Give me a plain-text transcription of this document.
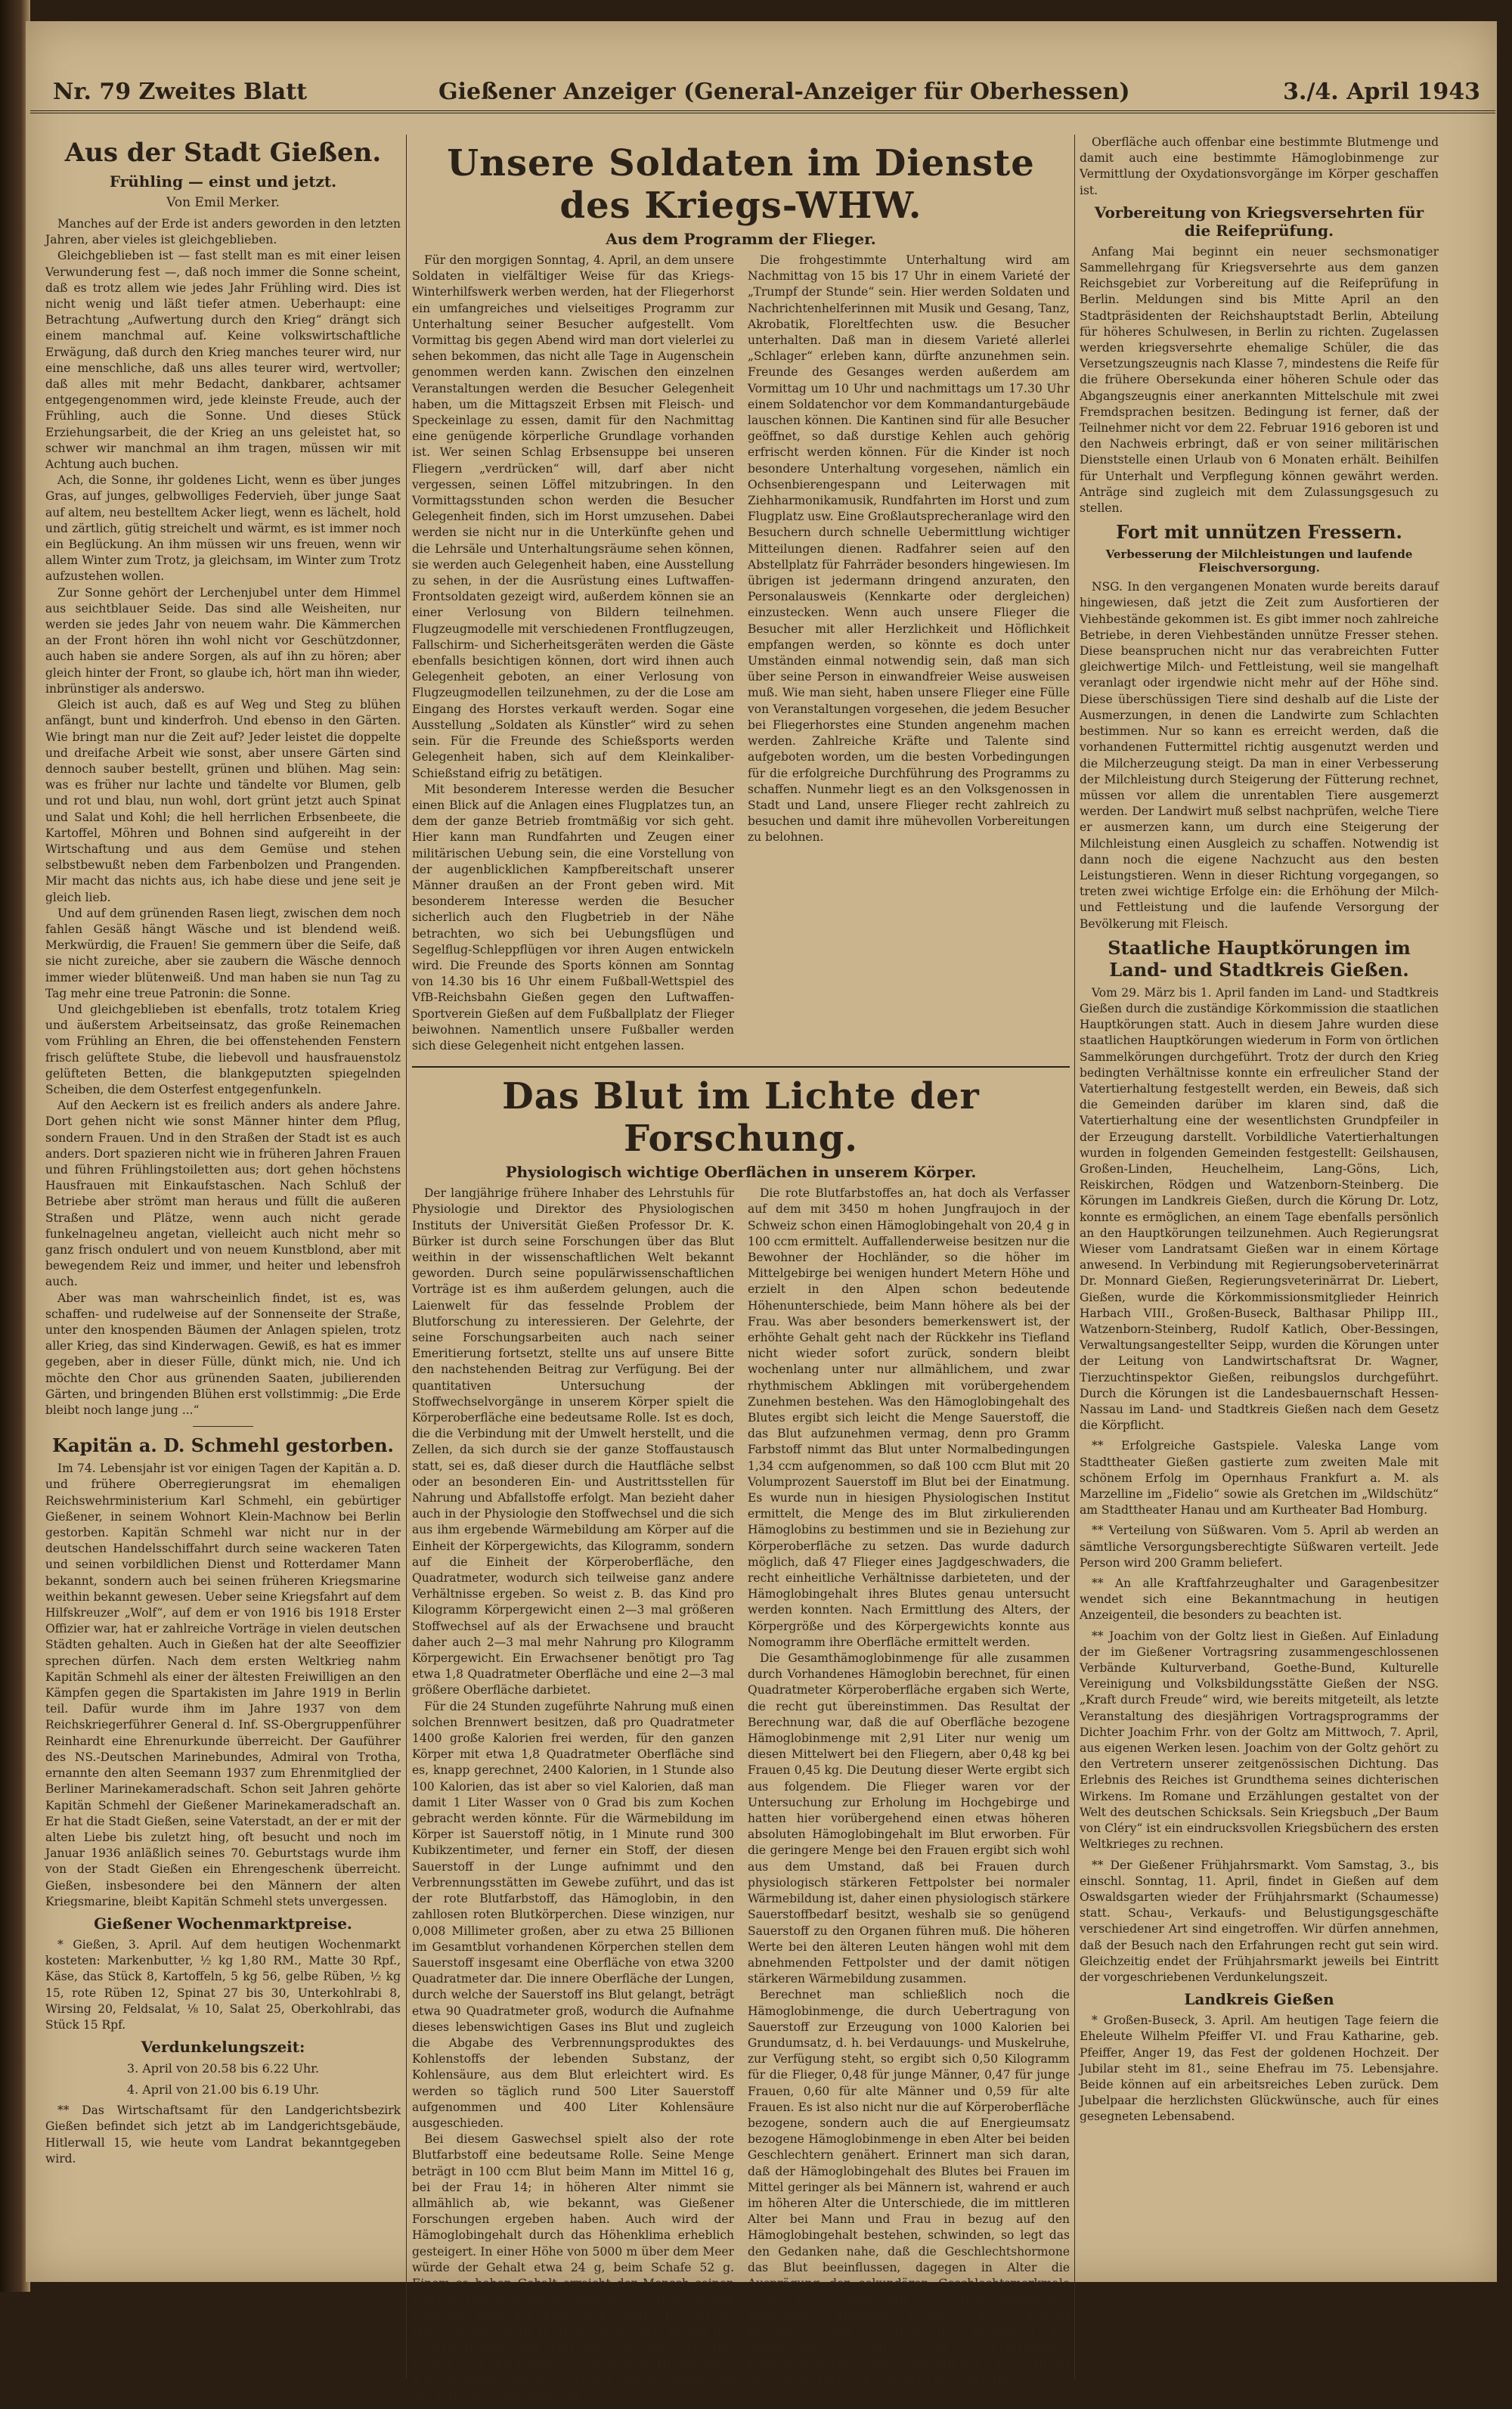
Nr. 79 Zweites Blatt	Gießener Anzeiger (General-Anzeiger für Oberhessen)	3./4. April 1943
Aus der Stadt Gießen.
Frühling — einst und jetzt.
Von Emil Merker.

Manches auf der Erde ist anders geworden in den letzten Jahren, aber vieles ist gleichgeblieben.

Gleichgeblieben ist — fast stellt man es mit einer leisen Verwunderung fest —, daß noch immer die Sonne scheint, daß es trotz allem wie jedes Jahr Frühling wird. Dies ist nicht wenig und läßt tiefer atmen. Ueberhaupt: eine Betrachtung „Aufwertung durch den Krieg“ drängt sich einem manchmal auf. Keine volkswirtschaftliche Erwägung, daß durch den Krieg manches teurer wird, nur eine menschliche, daß uns alles teurer wird, wertvoller; daß alles mit mehr Bedacht, dankbarer, achtsamer entgegengenommen wird, jede kleinste Freude, auch der Frühling, auch die Sonne. Und dieses Stück Erziehungsarbeit, die der Krieg an uns geleistet hat, so schwer wir manchmal an ihm tragen, müssen wir mit Achtung auch buchen.

Ach, die Sonne, ihr goldenes Licht, wenn es über junges Gras, auf junges, gelbwolliges Federvieh, über junge Saat auf altem, neu bestelltem Acker liegt, wenn es lächelt, hold und zärtlich, gütig streichelt und wärmt, es ist immer noch ein Beglückung. An ihm müssen wir uns freuen, wenn wir allem Winter zum Trotz, ja gleichsam, im Winter zum Trotz aufzustehen wollen.

Zur Sonne gehört der Lerchenjubel unter dem Himmel aus seichtblauer Seide. Das sind alle Weisheiten, nur werden sie jedes Jahr von neuem wahr. Die Kämmerchen an der Front hören ihn wohl nicht vor Geschützdonner, auch haben sie andere Sorgen, als auf ihn zu hören; aber gleich hinter der Front, so glaube ich, hört man ihn wieder, inbrünstiger als anderswo.

Gleich ist auch, daß es auf Weg und Steg zu blühen anfängt, bunt und kinderfroh. Und ebenso in den Gärten. Wie bringt man nur die Zeit auf? Jeder leistet die doppelte und dreifache Arbeit wie sonst, aber unsere Gärten sind dennoch sauber bestellt, grünen und blühen. Mag sein: was es früher nur lachte und tändelte vor Blumen, gelb und rot und blau, nun wohl, dort grünt jetzt auch Spinat und Salat und Kohl; die hell herrlichen Erbsenbeete, die Kartoffel, Möhren und Bohnen sind aufgereiht in der Wirtschaftung und aus dem Gemüse und stehen selbstbewußt neben dem Farbenbolzen und Prangenden. Mir macht das nichts aus, ich habe diese und jene seit je gleich lieb.

Und auf dem grünenden Rasen liegt, zwischen dem noch fahlen Gesäß hängt Wäsche und ist blendend weiß. Merkwürdig, die Frauen! Sie gemmern über die Seife, daß sie nicht zureiche, aber sie zaubern die Wäsche dennoch immer wieder blütenweiß. Und man haben sie nun Tag zu Tag mehr eine treue Patronin: die Sonne.

Und gleichgeblieben ist ebenfalls, trotz totalem Krieg und äußerstem Arbeitseinsatz, das große Reinemachen vom Frühling an Ehren, die bei offenstehenden Fenstern frisch gelüftete Stube, die liebevoll und hausfrauenstolz gelüfteten Betten, die blankgeputzten spiegelnden Scheiben, die dem Osterfest entgegenfunkeln.

Auf den Aeckern ist es freilich anders als andere Jahre. Dort gehen nicht wie sonst Männer hinter dem Pflug, sondern Frauen. Und in den Straßen der Stadt ist es auch anders. Dort spazieren nicht wie in früheren Jahren Frauen und führen Frühlingstoiletten aus; dort gehen höchstens Hausfrauen mit Einkaufstaschen. Nach Schluß der Betriebe aber strömt man heraus und füllt die außeren Straßen und Plätze, wenn auch nicht gerade funkelnagelneu angetan, vielleicht auch nicht mehr so ganz frisch ondulert und von neuem Kunstblond, aber mit bewegendem Reiz und immer, und heiter und lebensfroh auch.

Aber was man wahrscheinlich findet, ist es, was schaffen- und rudelweise auf der Sonnenseite der Straße, unter den knospenden Bäumen der Anlagen spielen, trotz aller Krieg, das sind Kinderwagen. Gewiß, es hat es immer gegeben, aber in dieser Fülle, dünkt mich, nie. Und ich möchte den Chor aus grünenden Saaten, jubilierenden Gärten, und bringenden Blühen erst vollstimmig: „Die Erde bleibt noch lange jung ...“

Kapitän a. D. Schmehl gestorben.

Im 74. Lebensjahr ist vor einigen Tagen der Kapitän a. D. und frühere Oberregierungsrat im ehemaligen Reichswehrministerium Karl Schmehl, ein gebürtiger Gießener, in seinem Wohnort Klein-Machnow bei Berlin gestorben. Kapitän Schmehl war nicht nur in der deutschen Handelsschiffahrt durch seine wackeren Taten und seinen vorbildlichen Dienst und Rotterdamer Mann bekannt, sondern auch bei seinen früheren Kriegsmarine weithin bekannt gewesen. Ueber seine Kriegsfahrt auf dem Hilfskreuzer „Wolf“, auf dem er von 1916 bis 1918 Erster Offizier war, hat er zahlreiche Vorträge in vielen deutschen Städten gehalten. Auch in Gießen hat der alte Seeoffizier sprechen dürfen. Nach dem ersten Weltkrieg nahm Kapitän Schmehl als einer der ältesten Freiwilligen an den Kämpfen gegen die Spartakisten im Jahre 1919 in Berlin teil. Dafür wurde ihm im Jahre 1937 von dem Reichskriegerführer General d. Inf. SS-Obergruppenführer Reinhardt eine Ehrenurkunde überreicht. Der Gauführer des NS.-Deutschen Marinebundes, Admiral von Trotha, ernannte den alten Seemann 1937 zum Ehrenmitglied der Berliner Marinekameradschaft. Schon seit Jahren gehörte Kapitän Schmehl der Gießener Marinekameradschaft an. Er hat die Stadt Gießen, seine Vaterstadt, an der er mit der alten Liebe bis zuletzt hing, oft besucht und noch im Januar 1936 anläßlich seines 70. Geburtstags wurde ihm von der Stadt Gießen ein Ehrengeschenk überreicht. Gießen, insbesondere bei den Männern der alten Kriegsmarine, bleibt Kapitän Schmehl stets unvergessen.

Gießener Wochenmarktpreise.

* Gießen, 3. April. Auf dem heutigen Wochenmarkt kosteten: Markenbutter, ½ kg 1,80 RM., Matte 30 Rpf., Käse, das Stück 8, Kartoffeln, 5 kg 56, gelbe Rüben, ½ kg 15, rote Rüben 12, Spinat 27 bis 30, Unterkohlrabi 8, Wirsing 20, Feldsalat, ⅛ 10, Salat 25, Oberkohlrabi, das Stück 15 Rpf.

Verdunkelungszeit:
3. April von 20.58 bis 6.22 Uhr.
4. April von 21.00 bis 6.19 Uhr.

** Das Wirtschaftsamt für den Landgerichtsbezirk Gießen befindet sich jetzt ab im Landgerichtsgebäude, Hitlerwall 15, wie heute vom Landrat bekanntgegeben wird.

Unsere Soldaten im Dienste des Kriegs-WHW.
Aus dem Programm der Flieger.

Für den morgigen Sonntag, 4. April, an dem unsere Soldaten in vielfältiger Weise für das Kriegs-Winterhilfswerk werben werden, hat der Fliegerhorst ein umfangreiches und vielseitiges Programm zur Unterhaltung seiner Besucher aufgestellt. Vom Vormittag bis gegen Abend wird man dort vielerlei zu sehen bekommen, das nicht alle Tage in Augenschein genommen werden kann. Zwischen den einzelnen Veranstaltungen werden die Besucher Gelegenheit haben, um die Mittagszeit Erbsen mit Fleisch- und Speckeinlage zu essen, damit für den Nachmittag eine genügende körperliche Grundlage vorhanden ist. Wer seinen Schlag Erbsensuppe bei unseren Fliegern „verdrücken“ will, darf aber nicht vergessen, seinen Löffel mitzubringen. In den Vormittagsstunden schon werden die Besucher Gelegenheit finden, sich im Horst umzusehen. Dabei werden sie nicht nur in die Unterkünfte gehen und die Lehrsäle und Unterhaltungsräume sehen können, sie werden auch Gelegenheit haben, eine Ausstellung zu sehen, in der die Ausrüstung eines Luftwaffen-Frontsoldaten gezeigt wird, außerdem können sie an einer Verlosung von Bildern teilnehmen. Flugzeugmodelle mit verschiedenen Frontflugzeugen, Fallschirm- und Sicherheitsgeräten werden die Gäste ebenfalls besichtigen können, dort wird ihnen auch Gelegenheit geboten, an einer Verlosung von Flugzeugmodellen teilzunehmen, zu der die Lose am Eingang des Horstes verkauft werden. Sogar eine Ausstellung „Soldaten als Künstler“ wird zu sehen sein. Für die Freunde des Schießsports werden Gelegenheit haben, sich auf dem Kleinkaliber-Schießstand eifrig zu betätigen.

Mit besonderem Interesse werden die Besucher einen Blick auf die Anlagen eines Flugplatzes tun, an dem der ganze Betrieb fromtmäßig vor sich geht. Hier kann man Rundfahrten und Zeugen einer militärischen Uebung sein, die eine Vorstellung von der augenblicklichen Kampfbereitschaft unserer Männer draußen an der Front geben wird. Mit besonderem Interesse werden die Besucher sicherlich auch den Flugbetrieb in der Nähe betrachten, wo sich bei Uebungsflügen und Segelflug-Schleppflügen vor ihren Augen entwickeln wird. Die Freunde des Sports können am Sonntag von 14.30 bis 16 Uhr einem Fußball-Wettspiel des VfB-Reichsbahn Gießen gegen den Luftwaffen-Sportverein Gießen auf dem Fußballplatz der Flieger beiwohnen. Namentlich unsere Fußballer werden sich diese Gelegenheit nicht entgehen lassen.

Die frohgestimmte Unterhaltung wird am Nachmittag von 15 bis 17 Uhr in einem Varieté der „Trumpf der Stunde“ sein. Hier werden Soldaten und Nachrichtenhelferinnen mit Musik und Gesang, Tanz, Akrobatik, Floreltfechten usw. die Besucher unterhalten. Daß man in diesem Varieté allerlei „Schlager“ erleben kann, dürfte anzunehmen sein. Freunde des Gesanges werden außerdem am Vormittag um 10 Uhr und nachmittags um 17.30 Uhr einem Soldatenchor vor dem Kommandanturgebäude lauschen können. Die Kantinen sind für alle Besucher geöffnet, so daß durstige Kehlen auch gehörig erfrischt werden können. Für die Kinder ist noch besondere Unterhaltung vorgesehen, nämlich ein Ochsenbierengespann und Leiterwagen mit Ziehharmonikamusik, Rundfahrten im Horst und zum Flugplatz usw. Eine Großlautsprecheranlage wird den Besuchern durch schnelle Uebermittlung wichtiger Mitteilungen dienen. Radfahrer seien auf den Abstellplatz für Fahrräder besonders hingewiesen. Im übrigen ist jedermann dringend anzuraten, den Personalausweis (Kennkarte oder dergleichen) einzustecken. Wenn auch unsere Flieger die Besucher mit aller Herzlichkeit und Höflichkeit empfangen werden, so könnte es doch unter Umständen einmal notwendig sein, daß man sich über seine Person in einwandfreier Weise ausweisen muß. Wie man sieht, haben unsere Flieger eine Fülle von Veranstaltungen vorgesehen, die jedem Besucher bei Fliegerhorstes eine Stunden angenehm machen werden. Zahlreiche Kräfte und Talente sind aufgeboten worden, um die besten Vorbedingungen für die erfolgreiche Durchführung des Programms zu schaffen. Nunmehr liegt es an den Volksgenossen in Stadt und Land, unsere Flieger recht zahlreich zu besuchen und damit ihre mühevollen Vorbereitungen zu belohnen.

Das Blut im Lichte der Forschung.
Physiologisch wichtige Oberflächen in unserem Körper.

Der langjährige frühere Inhaber des Lehrstuhls für Physiologie und Direktor des Physiologischen Instituts der Universität Gießen Professor Dr. K. Bürker ist durch seine Forschungen über das Blut weithin in der wissenschaftlichen Welt bekannt geworden. Durch seine populärwissenschaftlichen Vorträge ist es ihm außerdem gelungen, auch die Laienwelt für das fesselnde Problem der Blutforschung zu interessieren. Der Gelehrte, der seine Forschungsarbeiten auch nach seiner Emeritierung fortsetzt, stellte uns auf unsere Bitte den nachstehenden Beitrag zur Verfügung. Bei der quantitativen Untersuchung der Stoffwechselvorgänge in unserem Körper spielt die Körperoberfläche eine bedeutsame Rolle. Ist es doch, die die Verbindung mit der Umwelt herstellt, und die Zellen, da sich durch sie der ganze Stoffaustausch statt, sei es, daß dieser durch die Hautfläche selbst oder an besonderen Ein- und Austrittsstellen für Nahrung und Abfallstoffe erfolgt. Man bezieht daher auch in der Physiologie den Stoffwechsel und die sich aus ihm ergebende Wärmebildung am Körper auf die Einheit der Körpergewichts, das Kilogramm, sondern auf die Einheit der Körperoberfläche, den Quadratmeter, wodurch sich teilweise ganz andere Verhältnisse ergeben. So weist z. B. das Kind pro Kilogramm Körpergewicht einen 2—3 mal größeren Stoffwechsel auf als der Erwachsene und braucht daher auch 2—3 mal mehr Nahrung pro Kilogramm Körpergewicht. Ein Erwachsener benötigt pro Tag etwa 1,8 Quadratmeter Oberfläche und eine 2—3 mal größere Oberfläche darbietet.

Für die 24 Stunden zugeführte Nahrung muß einen solchen Brennwert besitzen, daß pro Quadratmeter 1400 große Kalorien frei werden, für den ganzen Körper mit etwa 1,8 Quadratmeter Oberfläche sind es, knapp gerechnet, 2400 Kalorien, in 1 Stunde also 100 Kalorien, das ist aber so viel Kalorien, daß man damit 1 Liter Wasser von 0 Grad bis zum Kochen gebracht werden könnte. Für die Wärmebildung im Körper ist Sauerstoff nötig, in 1 Minute rund 300 Kubikzentimeter, und ferner ein Stoff, der diesen Sauerstoff in der Lunge aufnimmt und den Verbrennungsstätten im Gewebe zuführt, und das ist der rote Blutfarbstoff, das Hämoglobin, in den zahllosen roten Blutkörperchen. Diese winzigen, nur 0,008 Millimeter großen, aber zu etwa 25 Billionen im Gesamtblut vorhandenen Körperchen stellen dem Sauerstoff insgesamt eine Oberfläche von etwa 3200 Quadratmeter dar. Die innere Oberfläche der Lungen, durch welche der Sauerstoff ins Blut gelangt, beträgt etwa 90 Quadratmeter groß, wodurch die Aufnahme dieses lebenswichtigen Gases ins Blut und zugleich die Abgabe des Verbrennungsproduktes des Kohlenstoffs der lebenden Substanz, der Kohlensäure, aus dem Blut erleichtert wird. Es werden so täglich rund 500 Liter Sauerstoff aufgenommen und 400 Liter Kohlensäure ausgeschieden.

Bei diesem Gaswechsel spielt also der rote Blutfarbstoff eine bedeutsame Rolle. Seine Menge beträgt in 100 ccm Blut beim Mann im Mittel 16 g, bei der Frau 14; in höheren Alter nimmt sie allmählich ab, wie bekannt, was Gießener Forschungen ergeben haben. Auch wird der Hämoglobingehalt durch das Höhenklima erheblich gesteigert. In einer Höhe von 5000 m über dem Meer würde der Gehalt etwa 24 g, beim Schafe 52 g. Einem so hohen Gehalt erreicht der Mensch seinen Platz im Leben, es müßte denn sein, er besteige den höchsten Berg der Erde, den Mount Everest im Himalaja mit 8840 m Höhe, was aber wegen der Sauerstoffarmut der Luft nicht möglich ist. Der Körper paßt sich nämlich, wenn man im Hochgebirge lebt, allmählich an, große Höhen durch Vermehrung des roten Blutfarbstoffes an.

Die rote Blutfarbstoffes an, hat doch als Verfasser auf dem mit 3450 m hohen Jungfraujoch in der Schweiz schon einen Hämoglobingehalt von 20,4 g in 100 ccm ermittelt. Auffallenderweise besitzen nur die Bewohner der Hochländer, so die höher im Mittelgebirge bei wenigen hundert Metern Höhe und erzielt in den Alpen schon bedeutende Höhenunterschiede, beim Mann höhere als bei der Frau. Was aber besonders bemerkenswert ist, der erhöhte Gehalt geht nach der Rückkehr ins Tiefland nicht wieder sofort zurück, sondern bleibt wochenlang unter nur allmählichem, und zwar rhythmischem Abklingen mit vorübergehendem Zunehmen bestehen. Was den Hämoglobingehalt des Blutes ergibt sich leicht die Menge Sauerstoff, die das Blut aufzunehmen vermag, denn pro Gramm Farbstoff nimmt das Blut unter Normalbedingungen 1,34 ccm aufgenommen, so daß 100 ccm Blut mit 20 Volumprozent Sauerstoff im Blut bei der Einatmung. Es wurde nun in hiesigen Physiologischen Institut ermittelt, die Menge des im Blut zirkulierenden Hämoglobins zu bestimmen und sie in Beziehung zur Körperoberfläche zu setzen. Das wurde dadurch möglich, daß 47 Flieger eines Jagdgeschwaders, die recht einheitliche Verhältnisse darbieteten, und der Hämoglobingehalt ihres Blutes genau untersucht werden konnten. Nach Ermittlung des Alters, der Körpergröße und des Körpergewichts konnte aus Nomogramm ihre Oberfläche ermittelt werden.

Die Gesamthämoglobinmenge für alle zusammen durch Vorhandenes Hämoglobin berechnet, für einen Quadratmeter Körperoberfläche ergaben sich Werte, die recht gut übereinstimmen. Das Resultat der Berechnung war, daß die auf Oberfläche bezogene Hämoglobinmenge mit 2,91 Liter nur wenig um diesen Mittelwert bei den Fliegern, aber 0,48 kg bei Frauen 0,45 kg. Die Deutung dieser Werte ergibt sich aus folgendem. Die Flieger waren vor der Untersuchung zur Erholung im Hochgebirge und hatten hier vorübergehend einen etwas höheren absoluten Hämoglobingehalt im Blut erworben. Für die geringere Menge bei den Frauen ergibt sich wohl aus dem Umstand, daß bei Frauen durch physiologisch stärkeren Fettpolster bei normaler Wärmebildung ist, daher einen physiologisch stärkere Sauerstoffbedarf besitzt, weshalb sie so genügend Sauerstoff zu den Organen führen muß. Die höheren Werte bei den älteren Leuten hängen wohl mit dem abnehmenden Fettpolster und der damit nötigen stärkeren Wärmebildung zusammen.

Berechnet man schließlich noch die Hämoglobinmenge, die durch Uebertragung von Sauerstoff zur Erzeugung von 1000 Kalorien bei Grundumsatz, d. h. bei Verdauungs- und Muskelruhe, zur Verfügung steht, so ergibt sich 0,50 Kilogramm für die Flieger, 0,48 für junge Männer, 0,47 für junge Frauen, 0,60 für alte Männer und 0,59 für alte Frauen. Es ist also nicht nur die auf Körperoberfläche bezogene, sondern auch die auf Energieumsatz bezogene Hämoglobinmenge in eben Alter bei beiden Geschlechtern genähert. Erinnert man sich daran, daß der Hämoglobingehalt des Blutes bei Frauen im Mittel geringer als bei Männern ist, wahrend er auch im höheren Alter die Unterschiede, die im mittleren Alter bei Mann und Frau in bezug auf den Hämoglobingehalt bestehen, schwinden, so legt das den Gedanken nahe, daß die Geschlechtshormone das Blut beeinflussen, dagegen in Alter die Ausprägung der sekundären Geschlechtsmerkmale auch die Unterschiede im Hämoglobingehalt beibringen. Ebenfalls verdient der Umstand Beachtung, daß es trotz der Beziehung des Stoffwechsels auf den Quadratmeter Körperoberfläche eine einheitlicher Betrachtung desselben ermöglicht, sondern daß auch für

Oberfläche auch offenbar eine bestimmte Blutmenge und damit auch eine bestimmte Hämoglobinmenge zur Vermittlung der Oxydationsvorgänge im Körper geschaffen ist.

Vorbereitung von Kriegsversehrten für die Reifeprüfung.

Anfang Mai beginnt ein neuer sechsmonatiger Sammellehrgang für Kriegsversehrte aus dem ganzen Reichsgebiet zur Vorbereitung auf die Reifeprüfung in Berlin. Meldungen sind bis Mitte April an den Stadtpräsidenten der Reichshauptstadt Berlin, Abteilung für höheres Schulwesen, in Berlin zu richten. Zugelassen werden kriegsversehrte ehemalige Schüler, die das Versetzungszeugnis nach Klasse 7, mindestens die Reife für die frühere Obersekunda einer höheren Schule oder das Abgangszeugnis einer anerkannten Mittelschule mit zwei Fremdsprachen besitzen. Bedingung ist ferner, daß der Teilnehmer nicht vor dem 22. Februar 1916 geboren ist und den Nachweis erbringt, daß er von seiner militärischen Dienststelle einen Urlaub von 6 Monaten erhält. Beihilfen für Unterhalt und Verpflegung können gewährt werden. Anträge sind zugleich mit dem Zulassungsgesuch zu stellen.

Fort mit unnützen Fressern.
Verbesserung der Milchleistungen und laufende Fleischversorgung.

NSG. In den vergangenen Monaten wurde bereits darauf hingewiesen, daß jetzt die Zeit zum Ausfortieren der Viehbestände gekommen ist. Es gibt immer noch zahlreiche Betriebe, in deren Viehbeständen unnütze Fresser stehen. Diese beanspruchen nicht nur das verabreichten Futter gleichwertige Milch- und Fettleistung, weil sie mangelhaft veranlagt oder irgendwie nicht mehr auf der Höhe sind. Diese überschüssigen Tiere sind deshalb auf die Liste der Ausmerzungen, in denen die Landwirte zum Schlachten bestimmen. Nur so kann es erreicht werden, daß die vorhandenen Futtermittel richtig ausgenutzt werden und die Milcherzeugung steigt. Da man in einer Verbesserung der Milchleistung durch Steigerung der Fütterung rechnet, müssen vor allem die unrentablen Tiere ausgemerzt werden. Der Landwirt muß selbst nachprüfen, welche Tiere er ausmerzen kann, um durch eine Steigerung der Milchleistung einen Ausgleich zu schaffen. Notwendig ist dann noch die eigene Nachzucht aus den besten Leistungstieren. Wenn in dieser Richtung vorgegangen, so treten zwei wichtige Erfolge ein: die Erhöhung der Milch- und Fettleistung und die laufende Versorgung der Bevölkerung mit Fleisch.

Staatliche Hauptkörungen im Land- und Stadtkreis Gießen.

Vom 29. März bis 1. April fanden im Land- und Stadtkreis Gießen durch die zuständige Körkommission die staatlichen Hauptkörungen statt. Auch in diesem Jahre wurden diese staatlichen Hauptkörungen wiederum in Form von örtlichen Sammelkörungen durchgeführt. Trotz der durch den Krieg bedingten Verhältnisse konnte ein erfreulicher Stand der Vatertierhaltung festgestellt werden, ein Beweis, daß sich die Gemeinden darüber im klaren sind, daß die Vatertierhaltung eine der wesentlichsten Grundpfeiler in der Erzeugung darstellt. Vorbildliche Vatertierhaltungen wurden in folgenden Gemeinden festgestellt: Geilshausen, Großen-Linden, Heuchelheim, Lang-Göns, Lich, Reiskirchen, Rödgen und Watzenborn-Steinberg. Die Körungen im Landkreis Gießen, durch die Körung Dr. Lotz, konnte es ermöglichen, an einem Tage ebenfalls persönlich an den Hauptkörungen teilzunehmen. Auch Regierungsrat Wieser vom Landratsamt Gießen war in einem Körtage anwesend. In Verbindung mit Regierungsoberveterinärrat Dr. Monnard Gießen, Regierungsveterinärrat Dr. Liebert, Gießen, wurde die Körkommissionsmitglieder Heinrich Harbach VIII., Großen-Buseck, Balthasar Philipp III., Watzenborn-Steinberg, Rudolf Katlich, Ober-Bessingen, Verwaltungsangestellter Seipp, wurden die Körungen unter der Leitung von Landwirtschaftsrat Dr. Wagner, Tierzuchtinspektor Gießen, reibungslos durchgeführt. Durch die Körungen ist die Landesbauernschaft Hessen-Nassau im Land- und Stadtkreis Gießen nach dem Gesetz die Körpflicht.

** Erfolgreiche Gastspiele. Valeska Lange vom Stadttheater Gießen gastierte zum zweiten Male mit schönem Erfolg im Opernhaus Frankfurt a. M. als Marzelline im „Fidelio“ sowie als Gretchen im „Wildschütz“ am Stadttheater Hanau und am Kurtheater Bad Homburg.

** Verteilung von Süßwaren. Vom 5. April ab werden an sämtliche Versorgungsberechtigte Süßwaren verteilt. Jede Person wird 200 Gramm beliefert.

** An alle Kraftfahrzeughalter und Garagenbesitzer wendet sich eine Bekanntmachung in heutigen Anzeigenteil, die besonders zu beachten ist.

** Joachim von der Goltz liest in Gießen. Auf Einladung der im Gießener Vortragsring zusammengeschlossenen Verbände Kulturverband, Goethe-Bund, Kulturelle Vereinigung und Volksbildungsstätte Gießen der NSG. „Kraft durch Freude“ wird, wie bereits mitgeteilt, als letzte Veranstaltung des diesjährigen Vortragsprogramms der Dichter Joachim Frhr. von der Goltz am Mittwoch, 7. April, aus eigenen Werken lesen. Joachim von der Goltz gehört zu den Vertretern unserer zeitgenössischen Dichtung. Das Erlebnis des Reiches ist Grundthema seines dichterischen Wirkens. Im Romane und Erzählungen gestaltet von der Welt des deutschen Schicksals. Sein Kriegsbuch „Der Baum von Cléry“ ist ein eindrucksvollen Kriegsbüchern des ersten Weltkrieges zu rechnen.

** Der Gießener Frühjahrsmarkt. Vom Samstag, 3., bis einschl. Sonntag, 11. April, findet in Gießen auf dem Oswaldsgarten wieder der Frühjahrsmarkt (Schaumesse) statt. Schau-, Verkaufs- und Belustigungsgeschäfte verschiedener Art sind eingetroffen. Wir dürfen annehmen, daß der Besuch nach den Erfahrungen recht gut sein wird. Gleichzeitig endet der Frühjahrsmarkt jeweils bei Eintritt der vorgeschriebenen Verdunkelungszeit.

Landkreis Gießen

* Großen-Buseck, 3. April. Am heutigen Tage feiern die Eheleute Wilhelm Pfeiffer VI. und Frau Katharine, geb. Pfeiffer, Anger 19, das Fest der goldenen Hochzeit. Der Jubilar steht im 81., seine Ehefrau im 75. Lebensjahre. Beide können auf ein arbeitsreiches Leben zurück. Dem Jubelpaar die herzlichsten Glückwünsche, auch für eines gesegneten Lebensabend.
